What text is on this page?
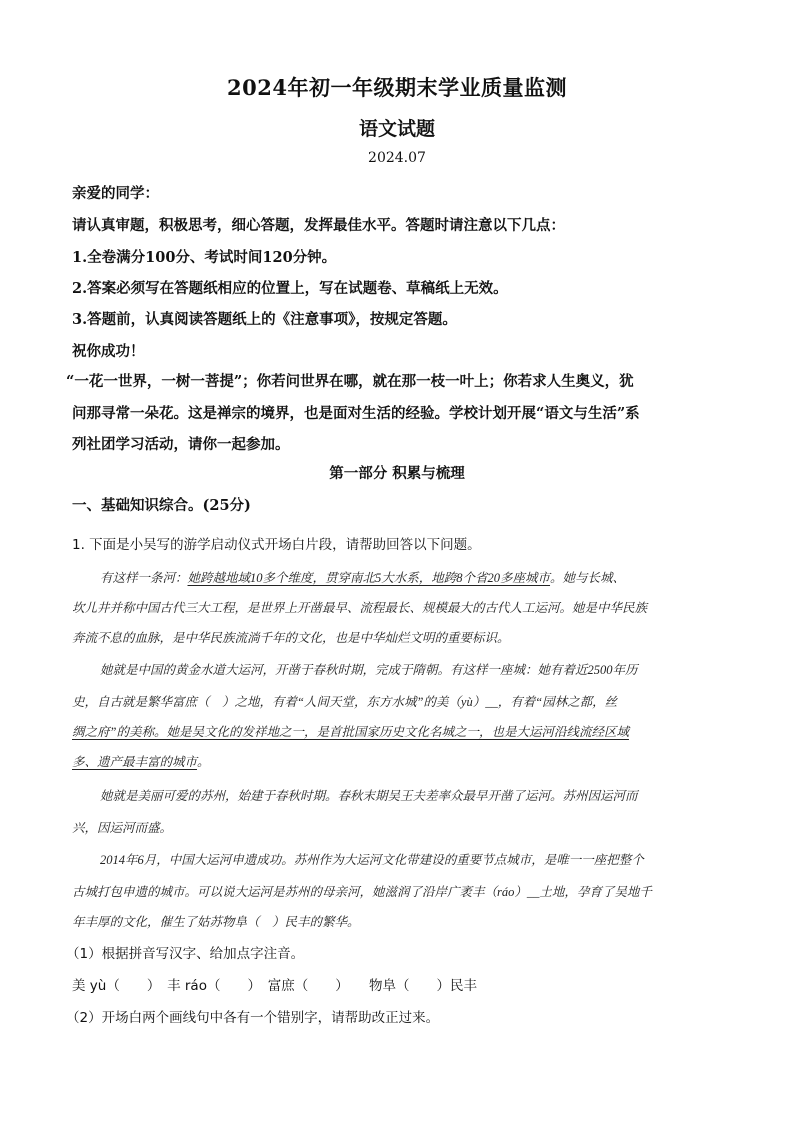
2024年初一年级期末学业质量监测
语文试题
2024.07
亲爱的同学：
请认真审题，积极思考，细心答题，发挥最佳水平。答题时请注意以下几点：
1.全卷满分100分、考试时间120分钟。
2.答案必须写在答题纸相应的位置上，写在试题卷、草稿纸上无效。
3.答题前，认真阅读答题纸上的《注意事项》，按规定答题。
祝你成功！
“一花一世界，一树一菩提”；你若问世界在哪，就在那一枝一叶上；你若求人生奥义，犹
问那寻常一朵花。这是禅宗的境界，也是面对生活的经验。学校计划开展“语文与生活”系
列社团学习活动，请你一起参加。
第一部分 积累与梳理
一、基础知识综合。(25分)
1. 下面是小吴写的游学启动仪式开场白片段，请帮助回答以下问题。
有这样一条河：她跨越地域10多个维度，贯穿南北5大水系，地跨8个省20多座城市。她与长城、
坎儿井并称中国古代三大工程，是世界上开凿最早、流程最长、规模最大的古代人工运河。她是中华民族
奔流不息的血脉，是中华民族流淌千年的文化，也是中华灿烂文明的重要标识。
她就是中国的黄金水道大运河，开凿于春秋时期，完成于隋朝。有这样一座城：她有着近2500年历
史，自古就是繁华富庶（　）之地，有着“人间天堂，东方水城”的美（yù）__，有着“园林之都，丝
绸之府”的美称。她是吴文化的发祥地之一，是首批国家历史文化名城之一，也是大运河沿线流经区域
多、遗产最丰富的城市。
她就是美丽可爱的苏州，始建于春秋时期。春秋末期吴王夫差率众最早开凿了运河。苏州因运河而
兴，因运河而盛。
2014年6月，中国大运河申遗成功。苏州作为大运河文化带建设的重要节点城市，是唯一一座把整个
古城打包申遗的城市。可以说大运河是苏州的母亲河，她滋润了沿岸广袤丰（ráo）__土地，孕育了吴地千
年丰厚的文化，催生了姑苏物阜（　）民丰的繁华。
（1）根据拼音写汉字、给加点字注音。
美 yù（　　）　丰 ráo（　　）　富庶（　　）　　物阜（　　）民丰
（2）开场白两个画线句中各有一个错别字，请帮助改正过来。
